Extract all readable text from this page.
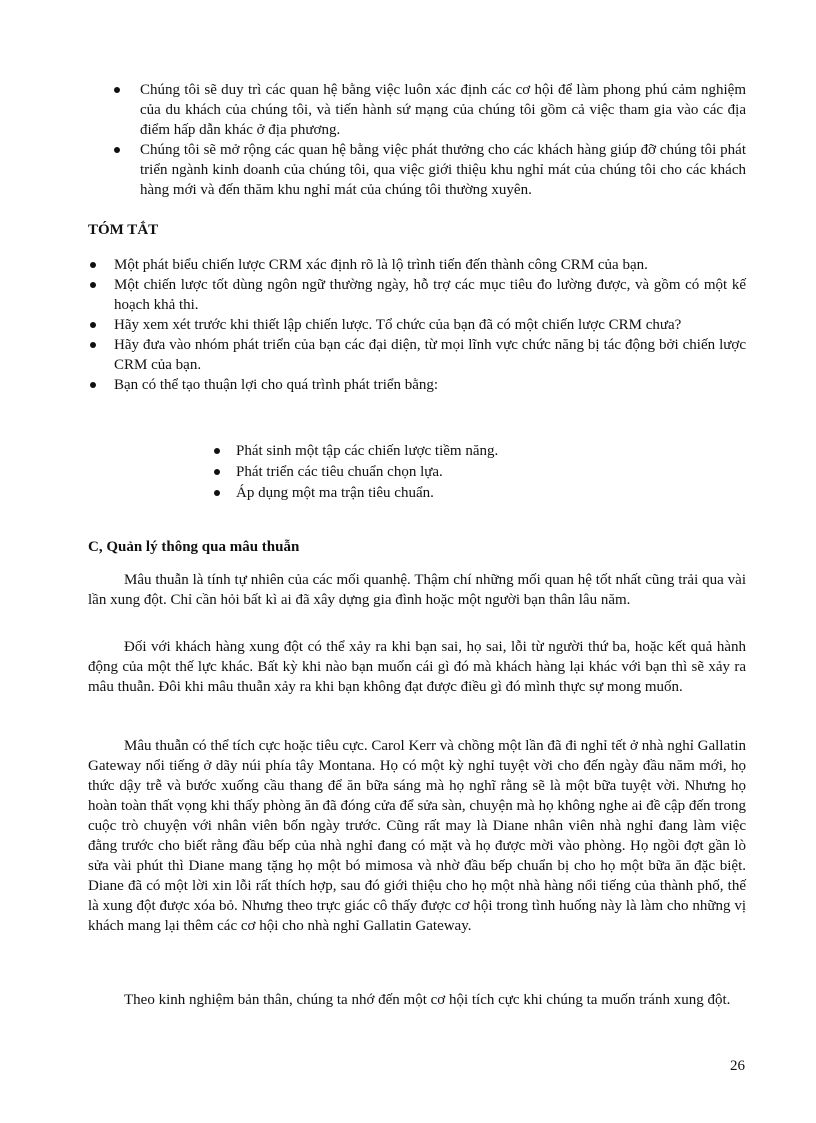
Chúng tôi sẽ duy trì các quan hệ bằng việc luôn xác định các cơ hội để làm phong phú cảm nghiệm của du khách của chúng tôi, và tiến hành sứ mạng của chúng tôi gồm cả việc tham gia vào các địa điểm hấp dẫn khác ở địa phương.
Chúng tôi sẽ mở rộng các quan hệ bằng việc phát thưởng cho các khách hàng giúp đỡ chúng tôi phát triển ngành kinh doanh của chúng tôi, qua việc giới thiệu khu nghỉ mát của chúng tôi cho các khách hàng mới và đến thăm khu nghỉ mát của chúng tôi thường xuyên.
TÓM TẮT
Một phát biểu chiến lược CRM xác định rõ là lộ trình tiến đến thành công CRM của bạn.
Một chiến lược tốt dùng ngôn ngữ thường ngày, hỗ trợ các mục tiêu đo lường được, và gồm có một kế hoạch khả thi.
Hãy xem xét trước khi thiết lập chiến lược. Tổ chức của bạn đã có một chiến lược CRM chưa?
Hãy đưa vào nhóm phát triển của bạn các đại diện, từ mọi lĩnh vực chức năng bị tác động bởi chiến lược CRM của bạn.
Bạn có thể tạo thuận lợi cho quá trình phát triển bằng:
Phát sinh một tập các chiến lược tiềm năng.
Phát triển các tiêu chuẩn chọn lựa.
Áp dụng một ma trận tiêu chuẩn.
C, Quản lý thông qua mâu thuẫn

Mâu thuẫn là tính tự nhiên của các mối quanhệ. Thậm chí những mối quan hệ tốt nhất cũng trải qua vài lần xung đột. Chỉ cần hỏi bất kì ai đã xây dựng gia đình hoặc một người bạn thân lâu năm.

Đối với khách hàng xung đột có thể xảy ra khi bạn sai, họ sai, lỗi từ người thứ ba, hoặc kết quả hành động của một thế lực khác. Bất kỳ khi nào bạn muốn cái gì đó mà khách hàng lại khác với bạn thì sẽ xảy ra mâu thuẫn. Đôi khi mâu thuẫn xảy ra khi bạn không đạt được điều gì đó mình thực sự mong muốn.

Mâu thuẫn có thể tích cực hoặc tiêu cực. Carol Kerr và chồng một lần đã đi nghỉ tết ở nhà nghỉ Gallatin Gateway nổi tiếng ở dãy núi phía tây Montana. Họ có một kỳ nghỉ tuyệt vời cho đến ngày đầu năm mới, họ thức dậy trễ và bước xuống cầu thang để ăn bữa sáng mà họ nghĩ rằng sẽ là một bữa tuyệt vời. Nhưng họ hoàn toàn thất vọng khi thấy phòng ăn đã đóng cửa để sửa sàn, chuyện mà họ không nghe ai đề cập đến trong cuộc trò chuyện với nhân viên bốn ngày trước. Cũng rất may là Diane nhân viên nhà nghỉ đang làm việc đằng trước cho biết rằng đầu bếp của nhà nghỉ đang có mặt và họ được mời vào phòng. Họ ngồi đợt gần lò sửa vài phút thì Diane mang tặng họ một bó mimosa và nhờ đầu bếp chuẩn bị cho họ một bữa ăn đặc biệt. Diane đã có một lời xin lỗi rất thích hợp, sau đó giới thiệu cho họ một nhà hàng nổi tiếng của thành phố, thế là xung đột được xóa bỏ. Nhưng theo trực giác cô thấy được cơ hội trong tình huống này là làm cho những vị khách mang lại thêm các cơ hội cho nhà nghỉ Gallatin Gateway.

Theo kinh nghiệm bản thân, chúng ta nhớ đến một cơ hội tích cực khi chúng ta muốn tránh xung đột.

26
